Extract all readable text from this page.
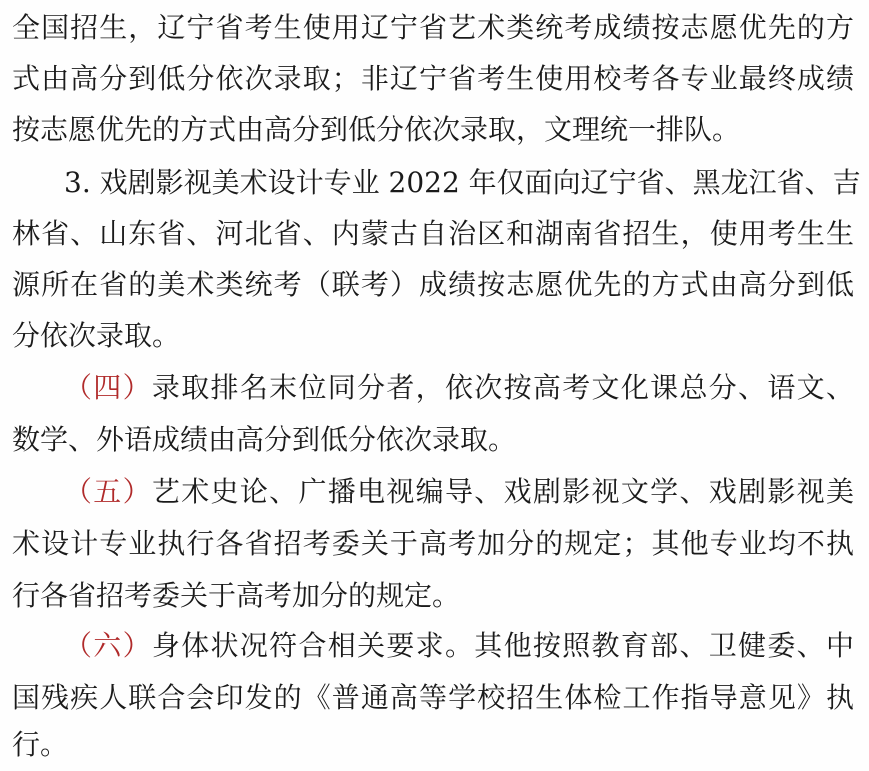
全国招生，辽宁省考生使用辽宁省艺术类统考成绩按志愿优先的方
式由高分到低分依次录取；非辽宁省考生使用校考各专业最终成绩
按志愿优先的方式由高分到低分依次录取，文理统一排队。
3. 戏剧影视美术设计专业 2022 年仅面向辽宁省、黑龙江省、吉
林省、山东省、河北省、内蒙古自治区和湖南省招生，使用考生生
源所在省的美术类统考（联考）成绩按志愿优先的方式由高分到低
分依次录取。
（四）录取排名末位同分者，依次按高考文化课总分、语文、
数学、外语成绩由高分到低分依次录取。
（五）艺术史论、广播电视编导、戏剧影视文学、戏剧影视美
术设计专业执行各省招考委关于高考加分的规定；其他专业均不执
行各省招考委关于高考加分的规定。
（六）身体状况符合相关要求。其他按照教育部、卫健委、中
国残疾人联合会印发的《普通高等学校招生体检工作指导意见》执
行。
